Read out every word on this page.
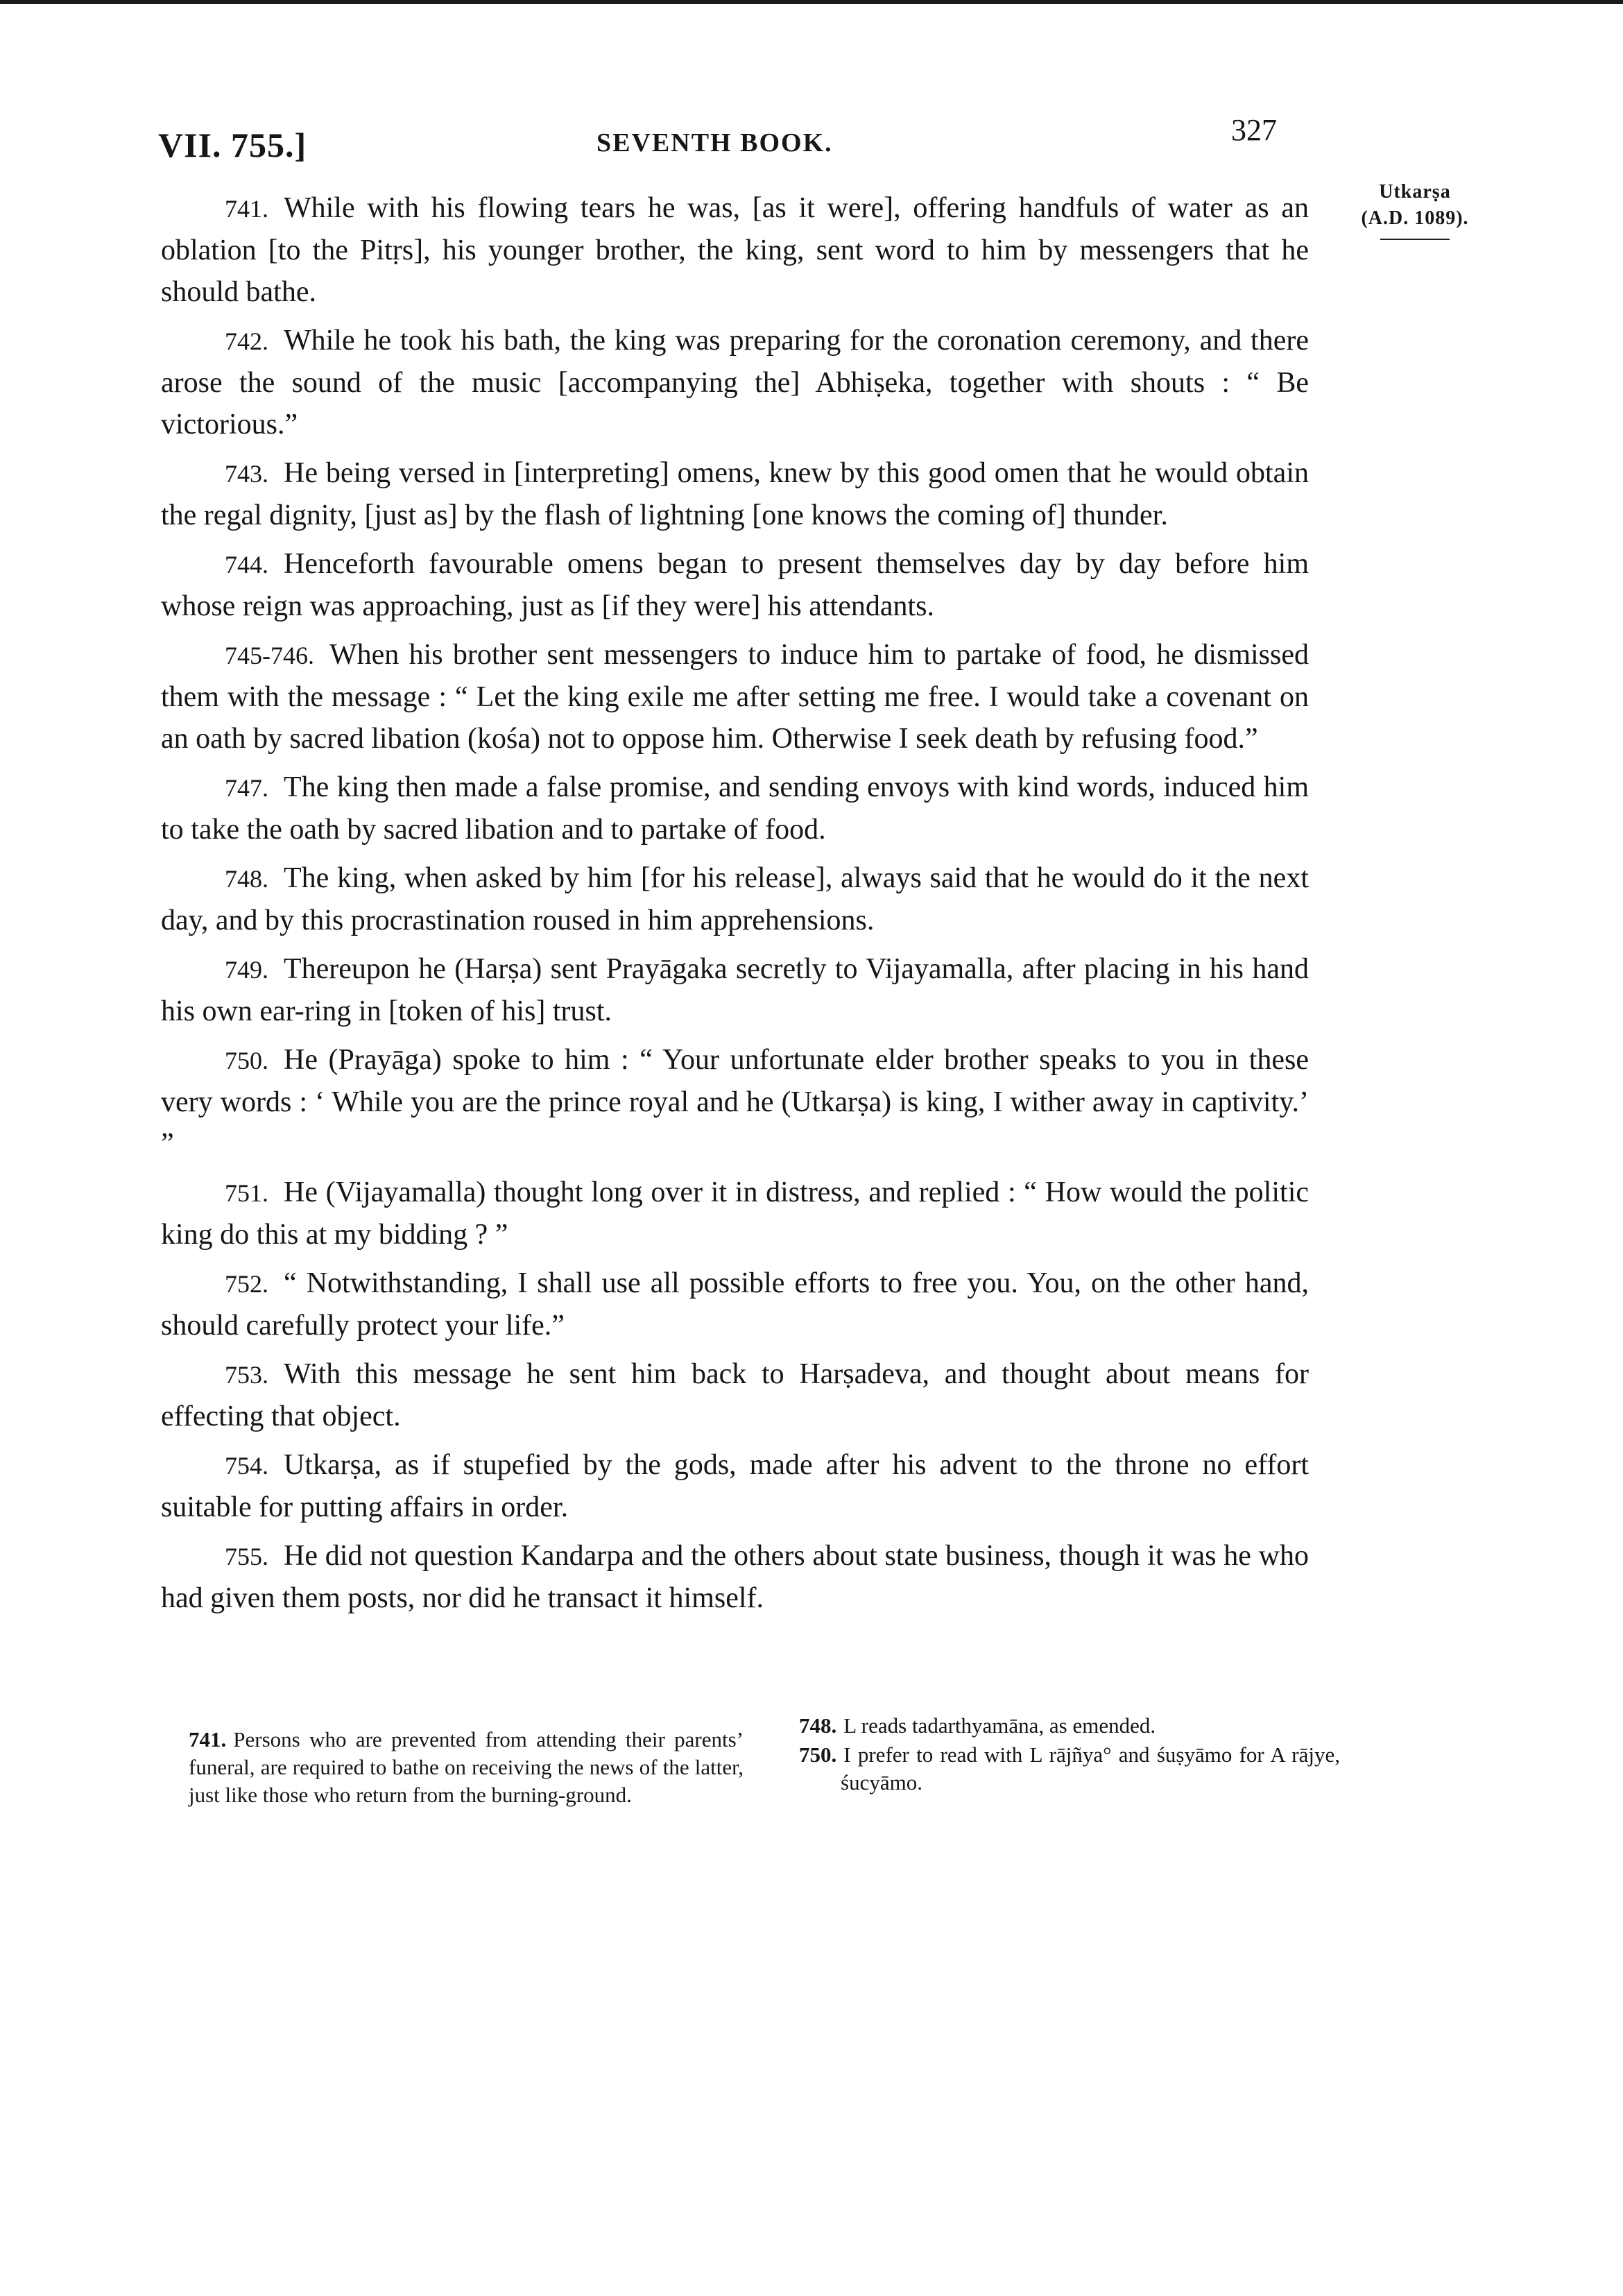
VII. 755.]	SEVENTH BOOK.	327
Utkarṣa
(A.D. 1089).

741. While with his flowing tears he was, [as it were], offering handfuls of water as an oblation [to the Pitṛs], his younger brother, the king, sent word to him by messengers that he should bathe.

742. While he took his bath, the king was preparing for the coronation ceremony, and there arose the sound of the music [accompanying the] Abhiṣeka, together with shouts : “ Be victorious.”

743. He being versed in [interpreting] omens, knew by this good omen that he would obtain the regal dignity, [just as] by the flash of lightning [one knows the coming of] thunder.

744. Henceforth favourable omens began to present themselves day by day before him whose reign was approaching, just as [if they were] his attendants.

745-746. When his brother sent messengers to induce him to partake of food, he dismissed them with the message : “ Let the king exile me after setting me free. I would take a covenant on an oath by sacred libation (kośa) not to oppose him. Otherwise I seek death by refusing food.”

747. The king then made a false promise, and sending envoys with kind words, induced him to take the oath by sacred libation and to partake of food.

748. The king, when asked by him [for his release], always said that he would do it the next day, and by this procrastination roused in him apprehensions.

749. Thereupon he (Harṣa) sent Prayāgaka secretly to Vijayamalla, after placing in his hand his own ear-ring in [token of his] trust.

750. He (Prayāga) spoke to him : “ Your unfortunate elder brother speaks to you in these very words : ‘ While you are the prince royal and he (Utkarṣa) is king, I wither away in captivity.’ ”

751. He (Vijayamalla) thought long over it in distress, and replied : “ How would the politic king do this at my bidding ? ”

752. “ Notwithstanding, I shall use all possible efforts to free you. You, on the other hand, should carefully protect your life.”

753. With this message he sent him back to Harṣadeva, and thought about means for effecting that object.

754. Utkarṣa, as if stupefied by the gods, made after his advent to the throne no effort suitable for putting affairs in order.

755. He did not question Kandarpa and the others about state business, though it was he who had given them posts, nor did he transact it himself.

741. Persons who are prevented from attending their parents’ funeral, are required to bathe on receiving the news of the latter, just like those who return from the burning-ground.

748. L reads tadarthyamāna, as emended.

750. I prefer to read with L rājñya° and śuṣyāmo for A rājye, śucyāmo.
